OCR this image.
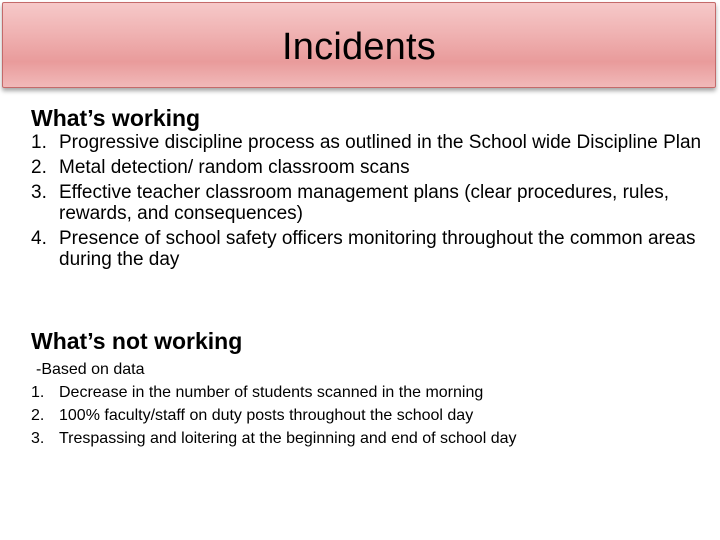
Incidents
What’s working
1. Progressive discipline process as outlined in the School wide Discipline Plan
2. Metal detection/ random classroom scans
3. Effective teacher classroom management plans (clear procedures, rules, rewards, and consequences)
4. Presence of school safety officers monitoring throughout the common areas during the day
What’s not working
-Based on data
1. Decrease in the number of students scanned in the morning
2. 100% faculty/staff on duty posts throughout the school day
3. Trespassing and loitering at the beginning and end of school day
